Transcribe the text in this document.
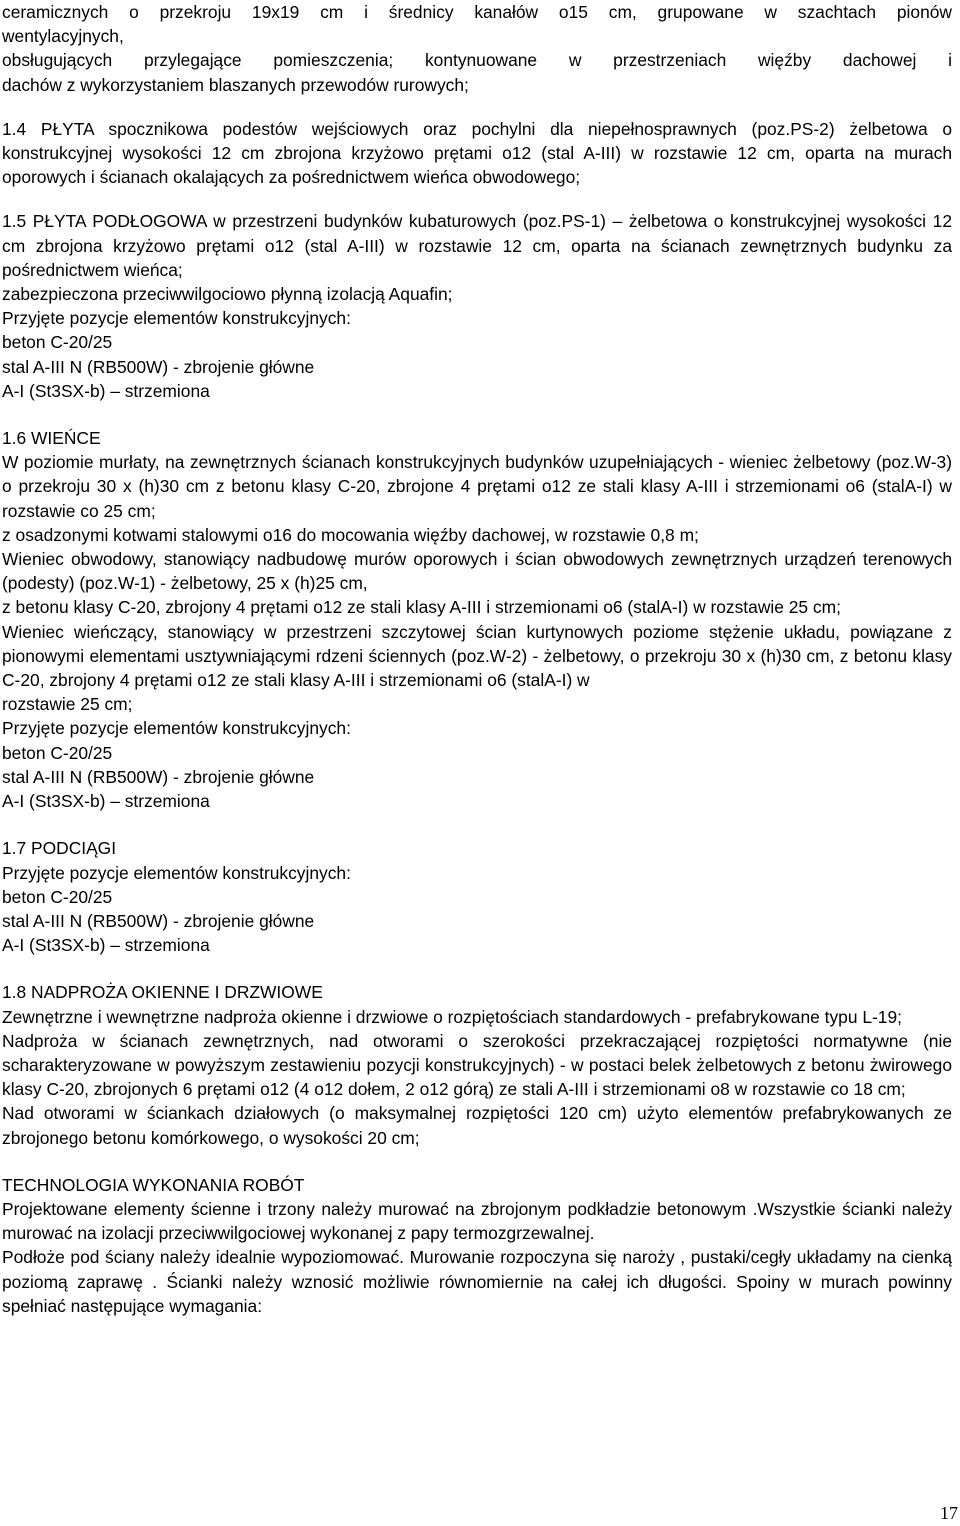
ceramicznych o przekroju 19x19 cm i średnicy kanałów o15 cm, grupowane w szachtach pionów

wentylacyjnych,

obsługujących przylegające pomieszczenia; kontynuowane w przestrzeniach więźby dachowej i

dachów z wykorzystaniem blaszanych przewodów rurowych;

1.4 PŁYTA spocznikowa podestów wejściowych oraz pochylni dla niepełnosprawnych (poz.PS-2) żelbetowa o konstrukcyjnej wysokości 12 cm zbrojona krzyżowo prętami o12 (stal A-III) w rozstawie 12 cm, oparta na murach oporowych i ścianach okalających za pośrednictwem wieńca obwodowego;

1.5 PŁYTA PODŁOGOWA w przestrzeni budynków kubaturowych (poz.PS-1) – żelbetowa o konstrukcyjnej wysokości 12 cm zbrojona krzyżowo prętami o12 (stal A-III) w rozstawie 12 cm, oparta na ścianach zewnętrznych budynku za pośrednictwem wieńca;

zabezpieczona przeciwwilgociowo płynną izolacją Aquafin;

Przyjęte pozycje elementów konstrukcyjnych:

beton C-20/25

stal A-III N (RB500W) - zbrojenie główne

A-I (St3SX-b) – strzemiona

1.6 WIEŃCE

W poziomie murłaty, na zewnętrznych ścianach konstrukcyjnych budynków uzupełniających - wieniec żelbetowy (poz.W-3) o przekroju 30 x (h)30 cm z betonu klasy C-20, zbrojone 4 prętami o12 ze stali klasy A-III i strzemionami o6 (stalA-I) w rozstawie co 25 cm;

z osadzonymi kotwami stalowymi o16 do mocowania więźby dachowej, w rozstawie 0,8 m;

Wieniec obwodowy, stanowiący nadbudowę murów oporowych i ścian obwodowych zewnętrznych urządzeń terenowych (podesty) (poz.W-1) - żelbetowy, 25 x (h)25 cm,

z betonu klasy C-20, zbrojony 4 prętami o12 ze stali klasy A-III i strzemionami o6 (stalA-I) w rozstawie 25 cm;

Wieniec wieńczący, stanowiący w przestrzeni szczytowej ścian kurtynowych poziome stężenie układu, powiązane z pionowymi elementami usztywniającymi rdzeni ściennych (poz.W-2) - żelbetowy, o przekroju 30 x (h)30 cm, z betonu klasy C-20, zbrojony 4 prętami o12 ze stali klasy A-III i strzemionami o6 (stalA-I) w

rozstawie 25 cm;

Przyjęte pozycje elementów konstrukcyjnych:

beton C-20/25

stal A-III N (RB500W) - zbrojenie główne

A-I (St3SX-b) – strzemiona

1.7 PODCIĄGI

Przyjęte pozycje elementów konstrukcyjnych:

beton C-20/25

stal A-III N (RB500W) - zbrojenie główne

A-I (St3SX-b) – strzemiona

1.8 NADPROŻA OKIENNE I DRZWIOWE

Zewnętrzne i wewnętrzne nadproża okienne i drzwiowe o rozpiętościach standardowych - prefabrykowane typu L-19;

Nadproża w ścianach zewnętrznych, nad otworami o szerokości przekraczającej rozpiętości normatywne (nie scharakteryzowane w powyższym zestawieniu pozycji konstrukcyjnych) - w postaci belek żelbetowych z betonu żwirowego klasy C-20, zbrojonych 6 prętami o12 (4 o12 dołem, 2 o12 górą) ze stali A-III i strzemionami o8 w rozstawie co 18 cm;

Nad otworami w ściankach działowych (o maksymalnej rozpiętości 120 cm) użyto elementów prefabrykowanych ze zbrojonego betonu komórkowego, o wysokości 20 cm;

TECHNOLOGIA WYKONANIA ROBÓT

Projektowane elementy ścienne i trzony należy murować na zbrojonym podkładzie betonowym .Wszystkie ścianki należy murować na izolacji przeciwwilgociowej wykonanej z papy termozgrzewalnej.

Podłoże pod ściany należy idealnie wypoziomować. Murowanie rozpoczyna się naroży , pustaki/cegły układamy na cienką poziomą zaprawę . Ścianki należy wznosić możliwie równomiernie na całej ich długości. Spoiny w murach powinny spełniać następujące wymagania:

17
